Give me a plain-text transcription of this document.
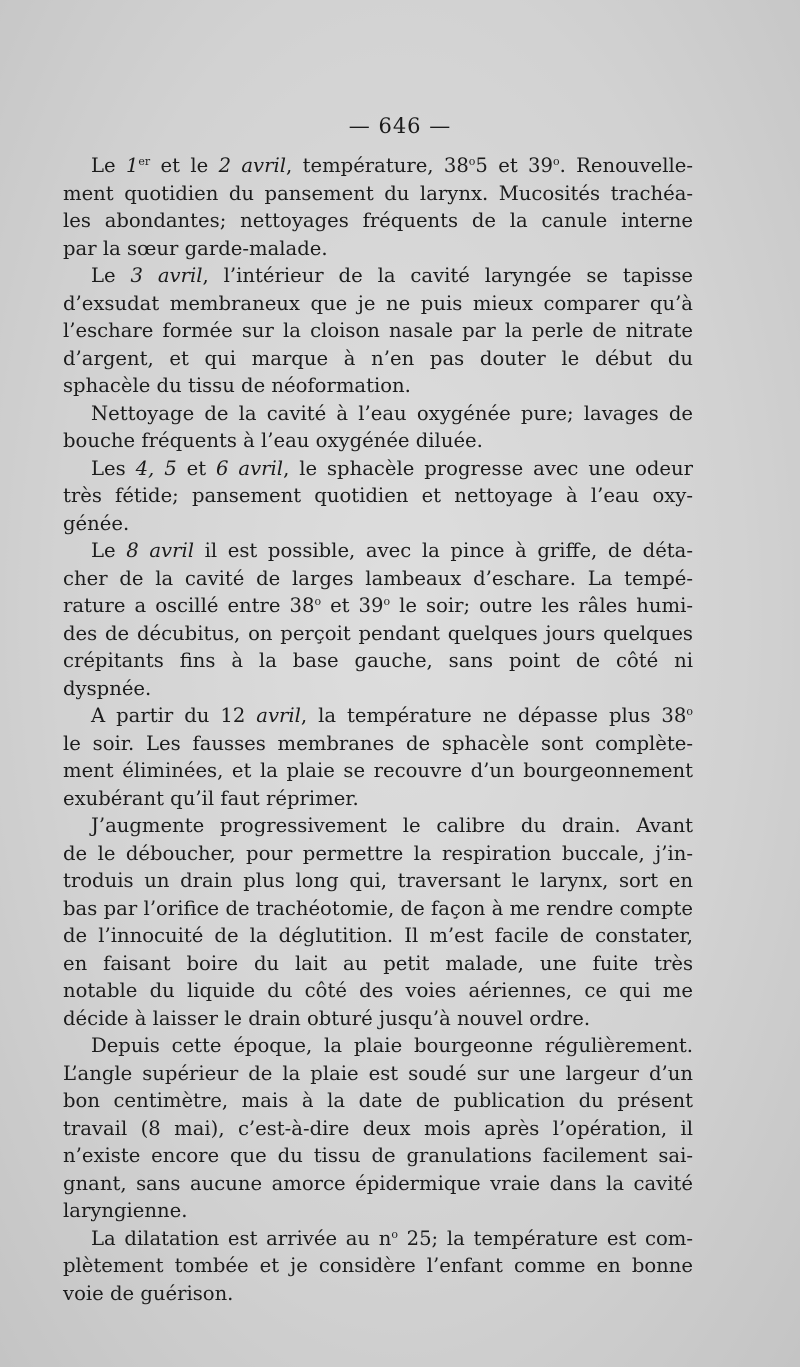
— 646 —

Le 1er et le 2 avril, température, 38$^o$5 et 39$^o$. Renouvelle-
ment quotidien du pansement du larynx. Mucosités trachéa-
les abondantes; nettoyages fréquents de la canule interne
par la sœur garde-malade.

Le 3 avril, l’intérieur de la cavité laryngée se tapisse
d’exsudat membraneux que je ne puis mieux comparer qu’à
l’eschare formée sur la cloison nasale par la perle de nitrate
d’argent, et qui marque à n’en pas douter le début du
sphacèle du tissu de néoformation.

Nettoyage de la cavité à l’eau oxygénée pure; lavages de
bouche fréquents à l’eau oxygénée diluée.

Les 4, 5 et 6 avril, le sphacèle progresse avec une odeur
très fétide; pansement quotidien et nettoyage à l’eau oxy-
génée.

Le 8 avril il est possible, avec la pince à griffe, de déta-
cher de la cavité de larges lambeaux d’eschare. La tempé-
rature a oscillé entre 38$^o$ et 39$^o$ le soir; outre les râles humi-
des de décubitus, on perçoit pendant quelques jours quelques
crépitants fins à la base gauche, sans point de côté ni
dyspnée.

A partir du 12 avril, la température ne dépasse plus 38$^o$
le soir. Les fausses membranes de sphacèle sont complète-
ment éliminées, et la plaie se recouvre d’un bourgeonnement
exubérant qu’il faut réprimer.

J’augmente progressivement le calibre du drain. Avant
de le déboucher, pour permettre la respiration buccale, j’in-
troduis un drain plus long qui, traversant le larynx, sort en
bas par l’orifice de trachéotomie, de façon à me rendre compte
de l’innocuité de la déglutition. Il m’est facile de constater,
en faisant boire du lait au petit malade, une fuite très
notable du liquide du côté des voies aériennes, ce qui me
décide à laisser le drain obturé jusqu’à nouvel ordre.

Depuis cette époque, la plaie bourgeonne régulièrement.
L’angle supérieur de la plaie est soudé sur une largeur d’un
bon centimètre, mais à la date de publication du présent
travail (8 mai), c’est-à-dire deux mois après l’opération, il
n’existe encore que du tissu de granulations facilement sai-
gnant, sans aucune amorce épidermique vraie dans la cavité
laryngienne.

La dilatation est arrivée au $n^o$ 25; la température est com-
plètement tombée et je considère l’enfant comme en bonne
voie de guérison.
